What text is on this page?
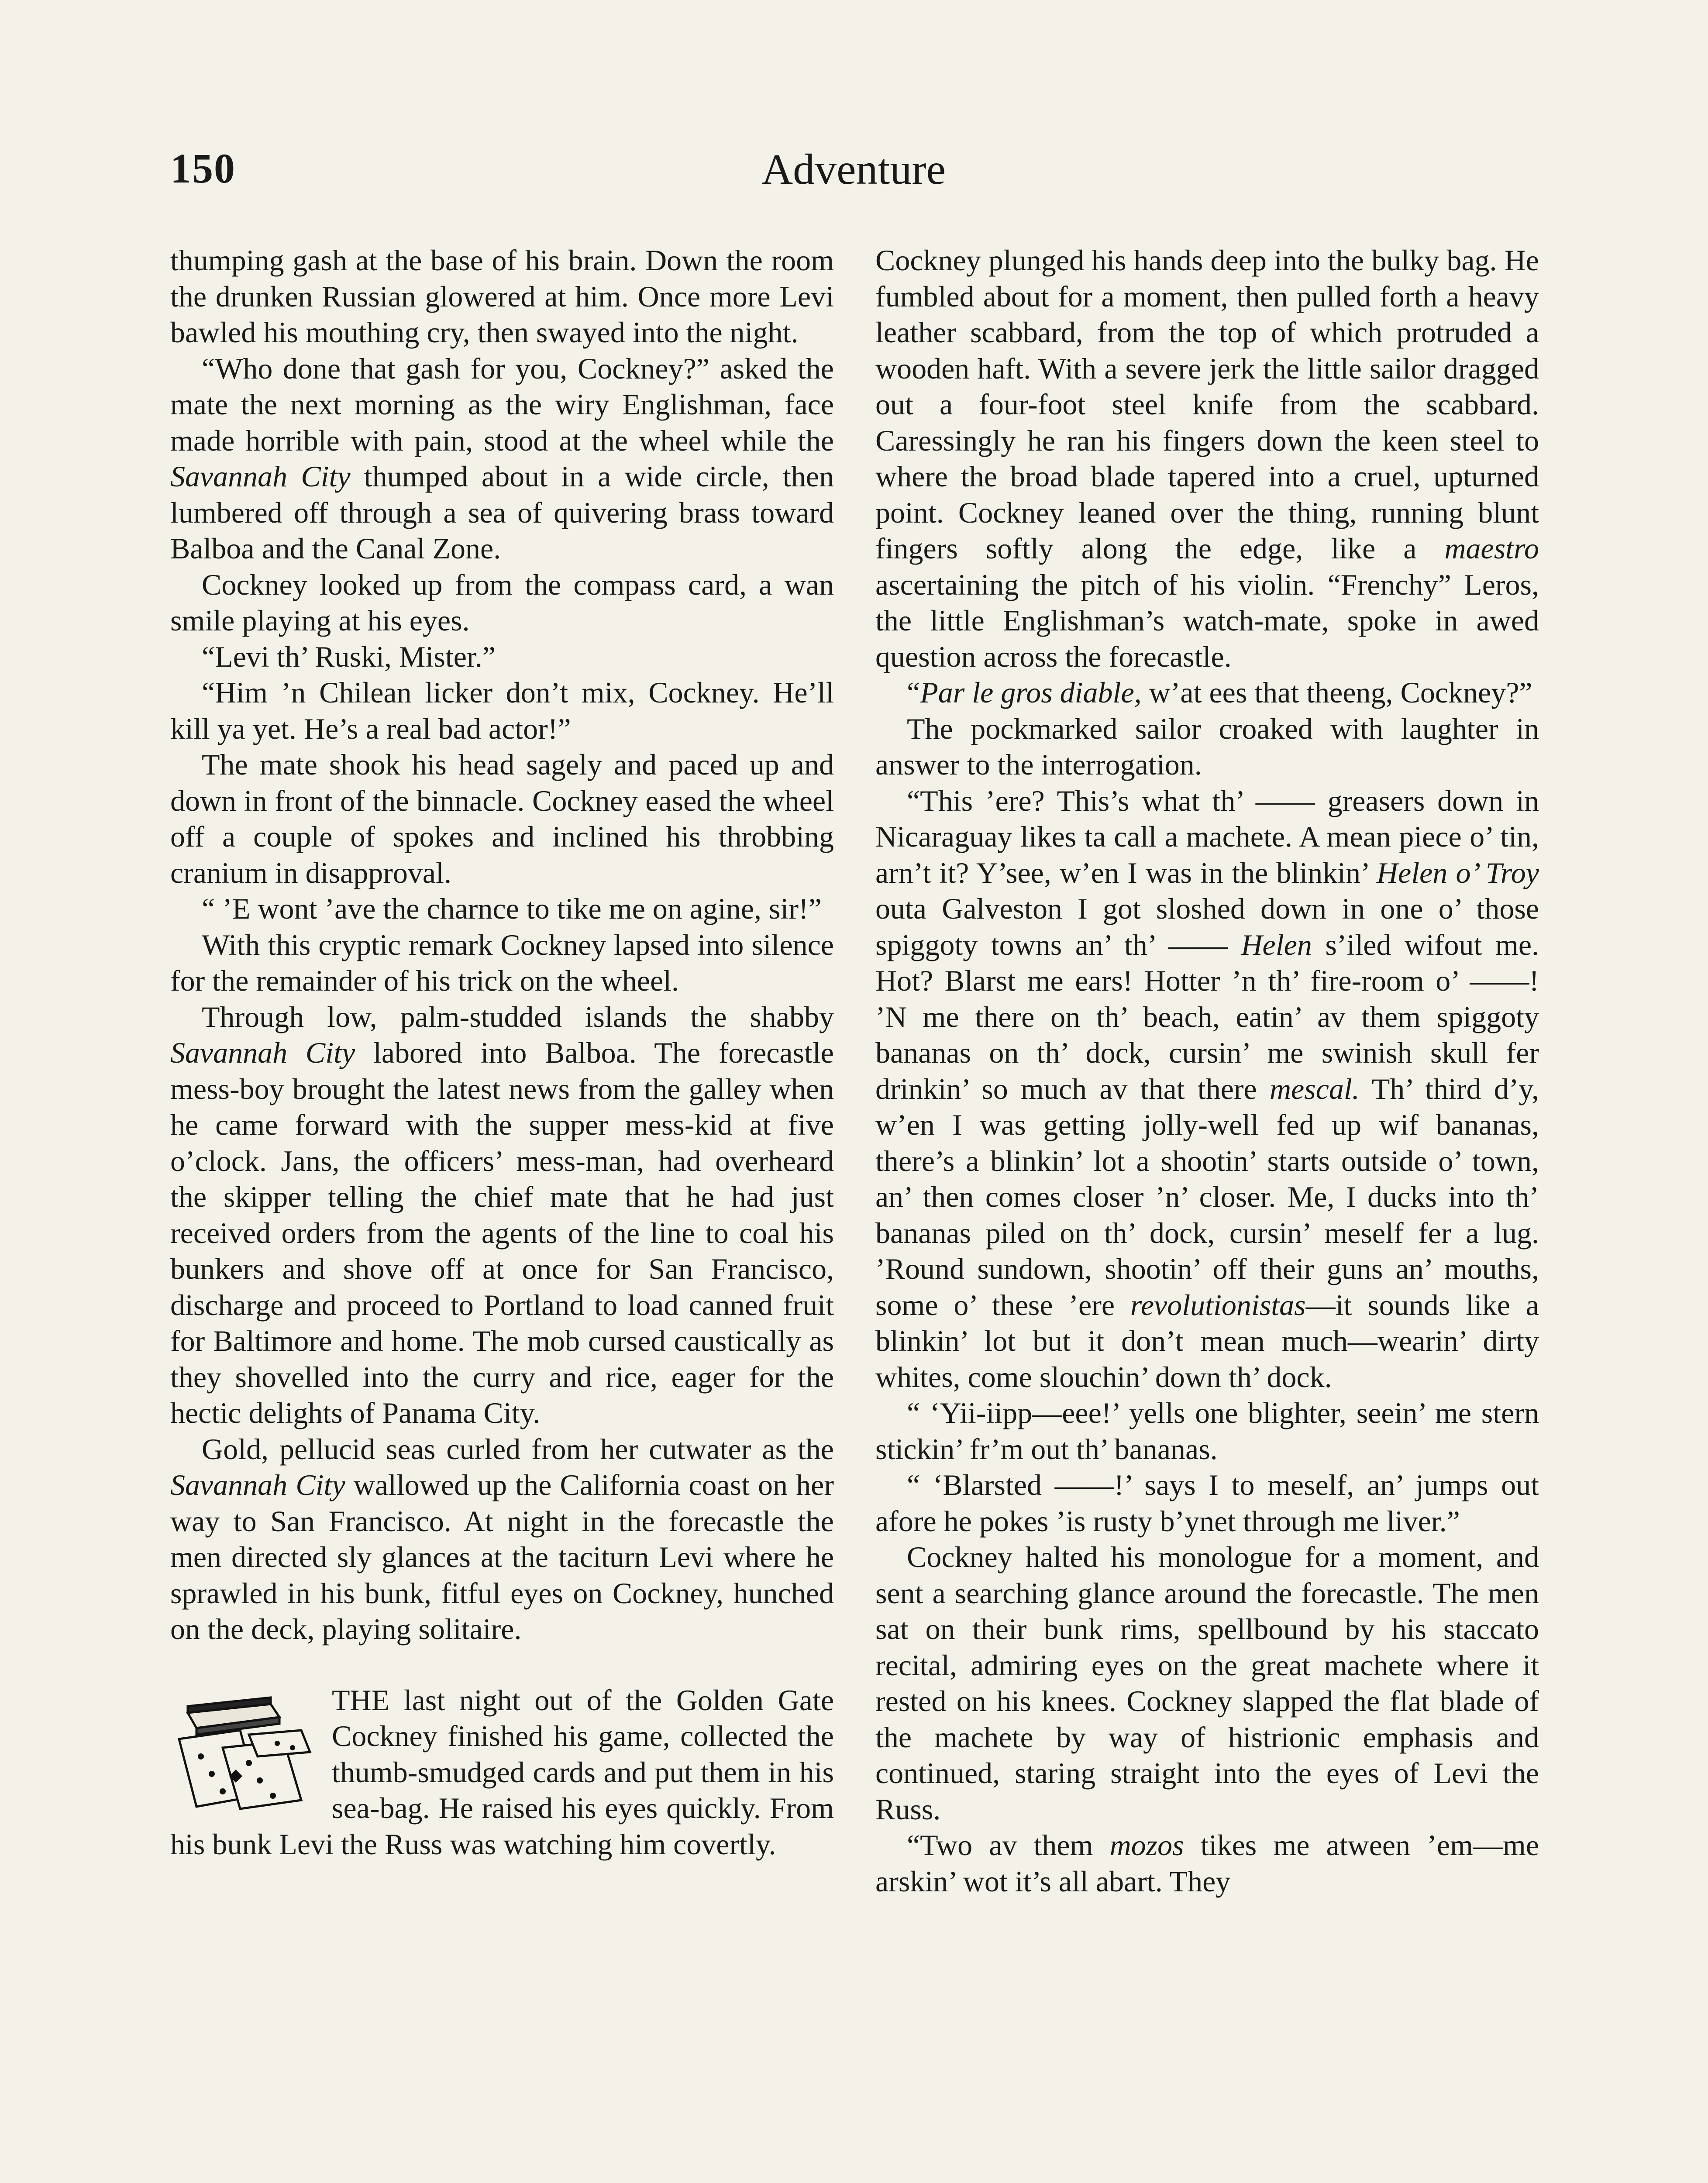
150	Adventure

thumping gash at the base of his brain. Down the room the drunken Russian glowered at him. Once more Levi bawled his mouthing cry, then swayed into the night.

“Who done that gash for you, Cockney?” asked the mate the next morning as the wiry Englishman, face made horrible with pain, stood at the wheel while the Savannah City thumped about in a wide circle, then lumbered off through a sea of quivering brass toward Balboa and the Canal Zone.

Cockney looked up from the compass card, a wan smile playing at his eyes.

“Levi th’ Ruski, Mister.”

“Him ’n Chilean licker don’t mix, Cockney. He’ll kill ya yet. He’s a real bad actor!”

The mate shook his head sagely and paced up and down in front of the binnacle. Cockney eased the wheel off a couple of spokes and inclined his throbbing cranium in disapproval.

“ ’E wont ’ave the charnce to tike me on agine, sir!”

With this cryptic remark Cockney lapsed into silence for the remainder of his trick on the wheel.

Through low, palm-studded islands the shabby Savannah City labored into Balboa. The forecastle mess-boy brought the latest news from the galley when he came forward with the supper mess-kid at five o’clock. Jans, the officers’ mess-man, had overheard the skipper telling the chief mate that he had just received orders from the agents of the line to coal his bunkers and shove off at once for San Francisco, discharge and proceed to Portland to load canned fruit for Baltimore and home. The mob cursed caustically as they shovelled into the curry and rice, eager for the hectic delights of Panama City.

Gold, pellucid seas curled from her cutwater as the Savannah City wallowed up the California coast on her way to San Francisco. At night in the forecastle the men directed sly glances at the taciturn Levi where he sprawled in his bunk, fitful eyes on Cockney, hunched on the deck, playing solitaire.

THE last night out of the Golden Gate Cockney finished his game, collected the thumb-smudged cards and put them in his sea-bag. He raised his eyes quickly. From his bunk Levi the Russ was watching him covertly.

Cockney plunged his hands deep into the bulky bag. He fumbled about for a moment, then pulled forth a heavy leather scabbard, from the top of which protruded a wooden haft. With a severe jerk the little sailor dragged out a four-foot steel knife from the scabbard. Caressingly he ran his fingers down the keen steel to where the broad blade tapered into a cruel, upturned point. Cockney leaned over the thing, running blunt fingers softly along the edge, like a maestro ascertaining the pitch of his violin. “Frenchy” Leros, the little Englishman’s watch-mate, spoke in awed question across the forecastle.

“Par le gros diable, w’at ees that theeng, Cockney?”

The pockmarked sailor croaked with laughter in answer to the interrogation.

“This ’ere? This’s what th’ —— greasers down in Nicaraguay likes ta call a machete. A mean piece o’ tin, arn’t it? Y’see, w’en I was in the blinkin’ Helen o’ Troy outa Galveston I got sloshed down in one o’ those spiggoty towns an’ th’ —— Helen s’iled wifout me. Hot? Blarst me ears! Hotter ’n th’ fire-room o’ ——! ’N me there on th’ beach, eatin’ av them spiggoty bananas on th’ dock, cursin’ me swinish skull fer drinkin’ so much av that there mescal. Th’ third d’y, w’en I was getting jolly-well fed up wif bananas, there’s a blinkin’ lot a shootin’ starts outside o’ town, an’ then comes closer ’n’ closer. Me, I ducks into th’ bananas piled on th’ dock, cursin’ meself fer a lug. ’Round sundown, shootin’ off their guns an’ mouths, some o’ these ’ere revolutionistas—it sounds like a blinkin’ lot but it don’t mean much—wearin’ dirty whites, come slouchin’ down th’ dock.

“ ‘Yii-iipp—eee!’ yells one blighter, seein’ me stern stickin’ fr’m out th’ bananas.

“ ‘Blarsted ——!’ says I to meself, an’ jumps out afore he pokes ’is rusty b’ynet through me liver.”

Cockney halted his monologue for a moment, and sent a searching glance around the forecastle. The men sat on their bunk rims, spellbound by his staccato recital, admiring eyes on the great machete where it rested on his knees. Cockney slapped the flat blade of the machete by way of histrionic emphasis and continued, staring straight into the eyes of Levi the Russ.

“Two av them mozos tikes me atween ’em—me arskin’ wot it’s all abart. They
